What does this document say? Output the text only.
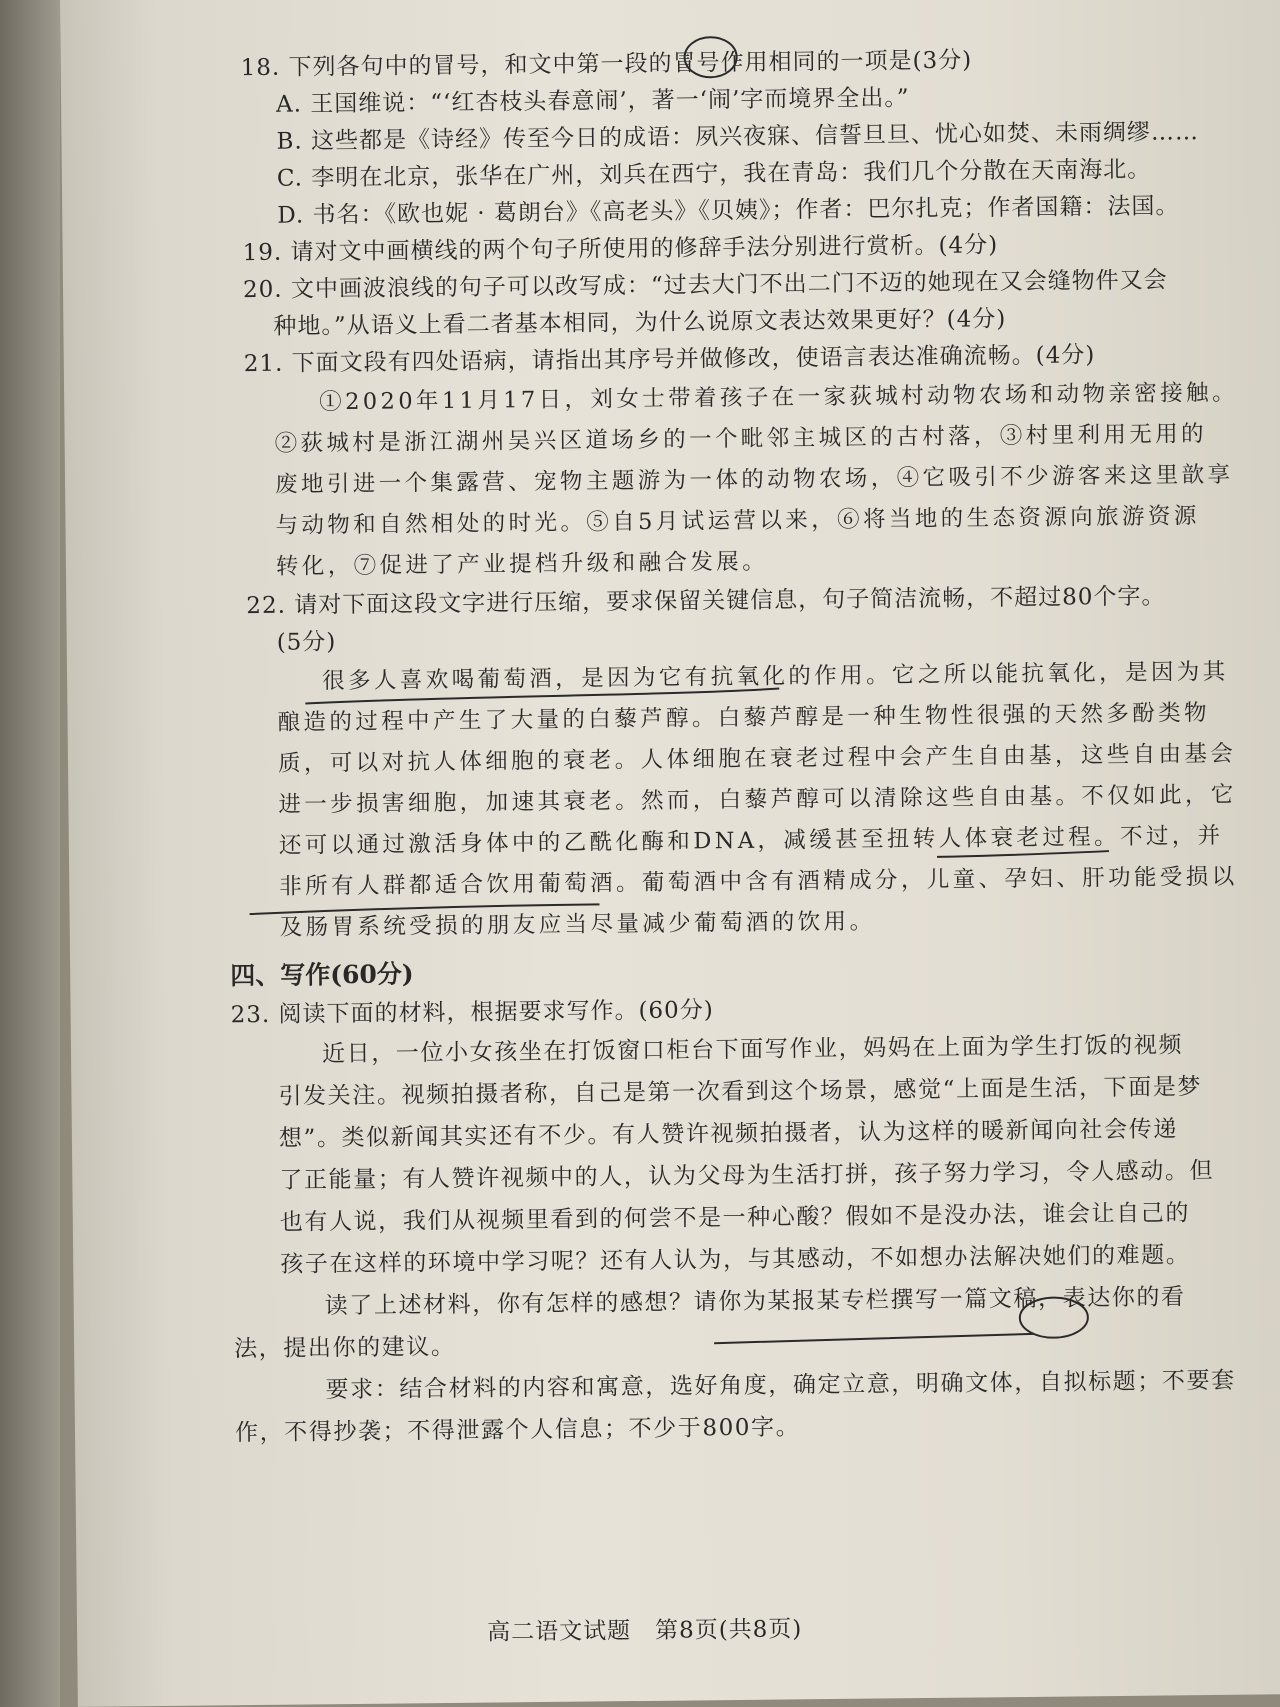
18. 下列各句中的冒号，和文中第一段的冒号作用相同的一项是(3分)
A. 王国维说：“‘红杏枝头春意闹’，著一‘闹’字而境界全出。”
B. 这些都是《诗经》传至今日的成语：夙兴夜寐、信誓旦旦、忧心如焚、未雨绸缪……
C. 李明在北京，张华在广州，刘兵在西宁，我在青岛：我们几个分散在天南海北。
D. 书名：《欧也妮 · 葛朗台》《高老头》《贝姨》；作者：巴尔扎克；作者国籍：法国。
19. 请对文中画横线的两个句子所使用的修辞手法分别进行赏析。(4分)
20. 文中画波浪线的句子可以改写成：“过去大门不出二门不迈的她现在又会缝物件又会
种地。”从语义上看二者基本相同，为什么说原文表达效果更好？(4分)
21. 下面文段有四处语病，请指出其序号并做修改，使语言表达准确流畅。(4分)
①2020年11月17日，刘女士带着孩子在一家荻城村动物农场和动物亲密接触。
②荻城村是浙江湖州吴兴区道场乡的一个毗邻主城区的古村落，③村里利用无用的
废地引进一个集露营、宠物主题游为一体的动物农场，④它吸引不少游客来这里歆享
与动物和自然相处的时光。⑤自5月试运营以来，⑥将当地的生态资源向旅游资源
转化，⑦促进了产业提档升级和融合发展。
22. 请对下面这段文字进行压缩，要求保留关键信息，句子简洁流畅，不超过80个字。
(5分)
很多人喜欢喝葡萄酒，是因为它有抗氧化的作用。它之所以能抗氧化，是因为其
酿造的过程中产生了大量的白藜芦醇。白藜芦醇是一种生物性很强的天然多酚类物
质，可以对抗人体细胞的衰老。人体细胞在衰老过程中会产生自由基，这些自由基会
进一步损害细胞，加速其衰老。然而，白藜芦醇可以清除这些自由基。不仅如此，它
还可以通过激活身体中的乙酰化酶和DNA，减缓甚至扭转人体衰老过程。不过，并
非所有人群都适合饮用葡萄酒。葡萄酒中含有酒精成分，儿童、孕妇、肝功能受损以
及肠胃系统受损的朋友应当尽量减少葡萄酒的饮用。
四、写作(60分)
23. 阅读下面的材料，根据要求写作。(60分)
近日，一位小女孩坐在打饭窗口柜台下面写作业，妈妈在上面为学生打饭的视频
引发关注。视频拍摄者称，自己是第一次看到这个场景，感觉“上面是生活，下面是梦
想”。类似新闻其实还有不少。有人赞许视频拍摄者，认为这样的暖新闻向社会传递
了正能量；有人赞许视频中的人，认为父母为生活打拼，孩子努力学习，令人感动。但
也有人说，我们从视频里看到的何尝不是一种心酸？假如不是没办法，谁会让自己的
孩子在这样的环境中学习呢？还有人认为，与其感动，不如想办法解决她们的难题。
读了上述材料，你有怎样的感想？请你为某报某专栏撰写一篇文稿，表达你的看
法，提出你的建议。
要求：结合材料的内容和寓意，选好角度，确定立意，明确文体，自拟标题；不要套
作，不得抄袭；不得泄露个人信息；不少于800字。
高二语文试题　第8页(共8页)
